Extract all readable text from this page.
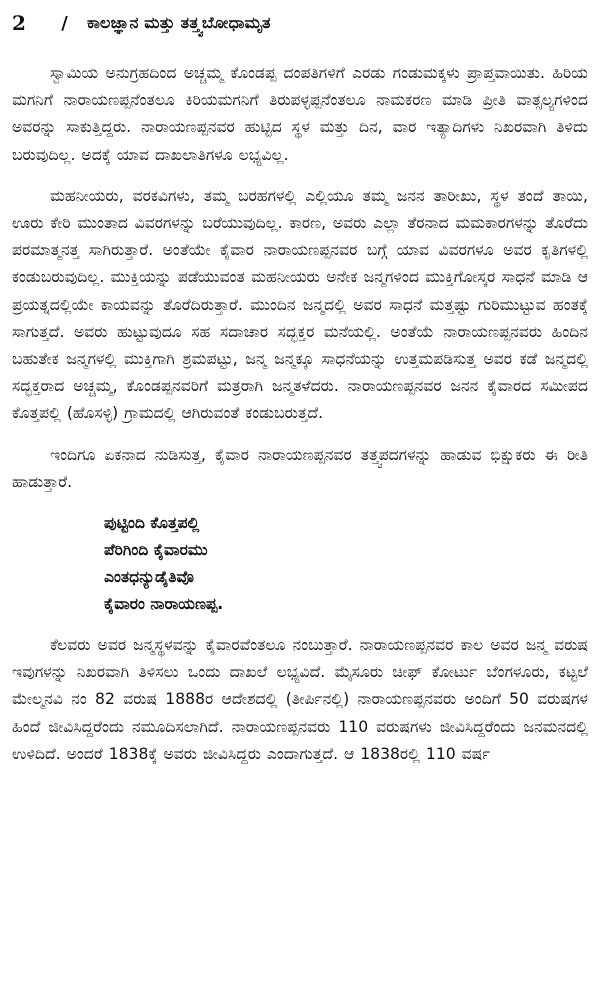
2	/	ಕಾಲಜ್ಞಾನ ಮತ್ತು ತತ್ತ್ವಬೋಧಾಮೃತ

ಸ್ವಾಮಿಯ ಅನುಗ್ರಹದಿಂದ ಅಚ್ಚಮ್ಮ ಕೊಂಡಪ್ಪ ದಂಪತಿಗಳಿಗೆ ಎರಡು ಗಂಡುಮಕ್ಕಳು ಪ್ರಾಪ್ತವಾಯಿತು. ಹಿರಿಯ ಮಗನಿಗೆ ನಾರಾಯಣಪ್ಪನೆಂತಲೂ ಕಿರಿಯಮಗನಿಗೆ ತಿರುಪಳ್ಳಪ್ಪನೆಂತಲೂ ನಾಮಕರಣ ಮಾಡಿ ಪ್ರೀತಿ ವಾತ್ಸಲ್ಯಗಳಿಂದ ಅವರನ್ನು ಸಾಕುತ್ತಿದ್ದರು. ನಾರಾಯಣಪ್ಪನವರ ಹುಟ್ಟಿದ ಸ್ಥಳ ಮತ್ತು ದಿನ, ವಾರ ಇತ್ಯಾದಿಗಳು ನಿಖರವಾಗಿ ತಿಳಿದು ಬರುವುದಿಲ್ಲ. ಅದಕ್ಕೆ ಯಾವ ದಾಖಲಾತಿಗಳೂ ಲಭ್ಯವಿಲ್ಲ.

ಮಹನೀಯರು, ವರಕವಿಗಳು, ತಮ್ಮ ಬರಹಗಳಲ್ಲಿ ಎಲ್ಲಿಯೂ ತಮ್ಮ ಜನನ ತಾರೀಖು, ಸ್ಥಳ ತಂದೆ ತಾಯಿ, ಊರು ಕೇರಿ ಮುಂತಾದ ವಿವರಗಳನ್ನು ಬರೆಯುವುದಿಲ್ಲ. ಕಾರಣ, ಅವರು ಎಲ್ಲಾ ತೆರನಾದ ಮಮಕಾರಗಳನ್ನು ತೊರೆದು ಪರಮಾತ್ಮನತ್ತ ಸಾಗಿರುತ್ತಾರೆ. ಅಂತೆಯೇ ಕೈವಾರ ನಾರಾಯಣಪ್ಪನವರ ಬಗ್ಗೆ ಯಾವ ವಿವರಗಳೂ ಅವರ ಕೃತಿಗಳಲ್ಲಿ ಕಂಡುಬರುವುದಿಲ್ಲ. ಮುಕ್ತಿಯನ್ನು ಪಡೆಯುವಂತ ಮಹನೀಯರು ಅನೇಕ ಜನ್ಮಗಳಿಂದ ಮುಕ್ತಿಗೋಸ್ಕರ ಸಾಧನೆ ಮಾಡಿ ಆ ಪ್ರಯತ್ನದಲ್ಲಿಯೇ ಕಾಯವನ್ನು ತೊರೆದಿರುತ್ತಾರೆ. ಮುಂದಿನ ಜನ್ಮದಲ್ಲಿ ಅವರ ಸಾಧನೆ ಮತ್ತಷ್ಟು ಗುರಿಮುಟ್ಟುವ ಹಂತಕ್ಕೆ ಸಾಗುತ್ತದೆ. ಅವರು ಹುಟ್ಟುವುದೂ ಸಹ ಸದಾಚಾರ ಸದ್ಭಕ್ತರ ಮನೆಯಲ್ಲಿ. ಅಂತೆಯೆ ನಾರಾಯಣಪ್ಪನವರು ಹಿಂದಿನ ಬಹುತೇಕ ಜನ್ಮಗಳಲ್ಲಿ ಮುಕ್ತಿಗಾಗಿ ಶ್ರಮಪಟ್ಟು, ಜನ್ಮ ಜನ್ಮಕ್ಕೂ ಸಾಧನೆಯನ್ನು ಉತ್ತಮಪಡಿಸುತ್ತ ಅವರ ಕಡೆ ಜನ್ಮದಲ್ಲಿ ಸದ್ಭಕ್ತರಾದ ಅಚ್ಚಮ್ಮ, ಕೊಂಡಪ್ಪನವರಿಗೆ ಮತ್ರರಾಗಿ ಜನ್ಮತಳೆದರು. ನಾರಾಯಣಪ್ಪನವರ ಜನನ ಕೈವಾರದ ಸಮೀಪದ ಕೊತ್ತಪಲ್ಲಿ (ಹೊಸಳ್ಳಿ) ಗ್ರಾಮದಲ್ಲಿ ಆಗಿರುವಂತೆ ಕಂಡುಬರುತ್ತದೆ.

ಇಂದಿಗೂ ಏಕನಾದ ನುಡಿಸುತ್ತ, ಕೈವಾರ ನಾರಾಯಣಪ್ಪನವರ ತತ್ತ್ವಪದಗಳನ್ನು ಹಾಡುವ ಭಿಕ್ಷುಕರು ಈ ರೀತಿ ಹಾಡುತ್ತಾರೆ.

ಪುಟ್ಟಿಂದಿ ಕೊತ್ತಪಲ್ಲಿ
ಪೆರಿಗಿಂದಿ ಕೈವಾರಮು
ಎಂತಧನ್ಯುಡೈತಿವೊ
ಕೈವಾರಂ ನಾರಾಯಣಪ್ಪ.

ಕೆಲವರು ಅವರ ಜನ್ಮಸ್ಥಳವನ್ನು ಕೈವಾರವೆಂತಲೂ ನಂಬುತ್ತಾರೆ. ನಾರಾಯಣಪ್ಪನವರ ಕಾಲ ಅವರ ಜನ್ಮ ವರುಷ ಇವುಗಳನ್ನು ನಿಖರವಾಗಿ ತಿಳಿಸಲು ಒಂದು ದಾಖಲೆ ಲಭ್ಯವಿದೆ. ಮೈಸೂರು ಚೀಫ್ ಕೋರ್ಟು ಬೆಂಗಳೂರು, ಕಟ್ಟಲೆ ಮೇಲ್ಮನವಿ ನಂ 82 ವರುಷ 1888ರ ಆದೇಶದಲ್ಲಿ (ತೀರ್ಪಿನಲ್ಲಿ) ನಾರಾಯಣಪ್ಪನವರು ಅಂದಿಗೆ 50 ವರುಷಗಳ ಹಿಂದೆ ಜೀವಿಸಿದ್ದರೆಂದು ನಮೂದಿಸಲಾಗಿದೆ. ನಾರಾಯಣಪ್ಪನವರು 110 ವರುಷಗಳು ಜೀವಿಸಿದ್ದರೆಂದು ಜನಮನದಲ್ಲಿ ಉಳಿದಿದೆ. ಅಂದರೆ 1838ಕ್ಕೆ ಅವರು ಜೀವಿಸಿದ್ದರು ಎಂದಾಗುತ್ತದೆ. ಆ 1838ರಲ್ಲಿ 110 ವರ್ಷ
